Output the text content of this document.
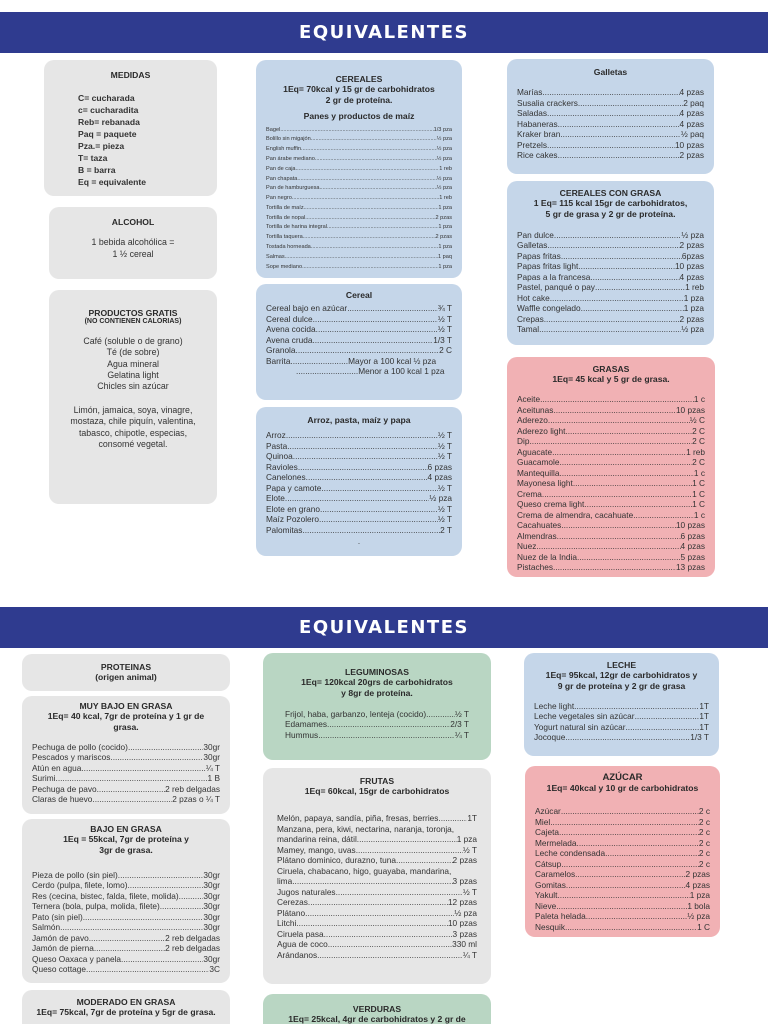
EQUIVALENTES
MEDIDAS
C= cucharada
c= cucharadita
Reb= rebanada
Paq = paquete
Pza.= pieza
T= taza
B = barra
Eq = equivalente
ALCOHOL
1 bebida alcohólica =
1 ½ cereal
PRODUCTOS GRATIS
(NO CONTIENEN CALORIAS)
Café (soluble o de grano)
Té (de sobre)
Agua mineral
Gelatina light
Chicles sin azúcar
Limón, jamaica, soya, vinagre,
mostaza, chile piquín, valentina,
tabasco, chipotle, especias,
consomé vegetal.
CEREALES
1Eq= 70kcal y 15 gr de carbohidratos
2 gr de proteína.
Panes y productos de maíz
Bagel .....	1/3 pza
Bolillo sin migajón .....	½ pza
English muffin .....	½ pza
Pan árabe mediano .....	½ pza
Pan de caja .....	1 reb
Pan chapata .....	½ pza
Pan de hamburguesa .....	½ pza
Pan negro .....	1 reb
Tortilla de maíz .....	1 pza
Tortilla de nopal .....	2 pzas
Tortilla de harina integral .....	1 pza
Tortilla taquera .....	2 pzas
Tostada horneada .....	1 pza
Salmas .....	1 paq
Sope mediano .....	1 pza
Cereal
Cereal bajo en azúcar .....	¾ T
Cereal dulce .....	½ T
Avena cocida .....	½ T
Avena cruda .....	1/3 T
Granola .....	2 C
Barrita.........................Mayor a 100 kcal ½ pza
...........................Menor a 100 kcal 1 pza
Arroz, pasta, maíz y papa
Arroz .....	½ T
Pasta .....	½ T
Quinoa .....	½ T
Ravioles .....	6 pzas
Canelones .....	4 pzas
Papa y camote .....	½ T
Elote .....	½ pza
Elote en grano .....	½ T
Maíz Pozolero .....	½ T
Palomitas .....	2 T
.
Galletas
Marías .....	4 pzas
Susalia crackers .....	2 paq
Saladas .....	4 pzas
Habaneras .....	4 pzas
Kraker bran .....	½ paq
Pretzels .....	10 pzas
Rice cakes .....	2 pzas
CEREALES CON GRASA
1 Eq= 115 kcal 15gr de carbohidratos,
5 gr de grasa y 2 gr de proteína.
Pan dulce .....	½ pza
Galletas .....	2 pzas
Papas fritas .....	6pzas
Papas fritas light .....	10 pzas
Papas a la francesa .....	4 pzas
Pastel, panqué o pay .....	1 reb
Hot cake .....	1 pza
Waffle congelado .....	1 pza
Crepas .....	2 pzas
Tamal .....	½ pza
GRASAS
1Eq= 45 kcal y 5 gr de grasa.
Aceite .....	1 c
Aceitunas .....	10 pzas
Aderezo .....	½ C
Aderezo light .....	2 C
Dip .....	2 C
Aguacate .....	1 reb
Guacamole .....	2 C
Mantequilla .....	1 c
Mayonesa light .....	1 C
Crema .....	1 C
Queso crema light .....	1 C
Crema de almendra, cacahuate .....	1 c
Cacahuates .....	10 pzas
Almendras .....	6 pzas
Nuez .....	4 pzas
Nuez de la India .....	5 pzas
Pistaches .....	13 pzas
EQUIVALENTES
PROTEINAS
(origen animal)
MUY BAJO EN GRASA
1Eq= 40 kcal, 7gr de proteína y 1 gr de
grasa.
Pechuga de pollo (cocido) .....	30gr
Pescados y mariscos .....	30gr
Atún en agua .....	¼ T
Surimi .....	1 B
Pechuga de pavo .....	2 reb delgadas
Claras de huevo .....	2 pzas o ¼ T
BAJO EN GRASA
1Eq = 55kcal, 7gr de proteína y
3gr de grasa.
Pieza de pollo (sin piel) .....	30gr
Cerdo (pulpa, filete, lomo) .....	30gr
Res (cecina, bistec, falda, filete, molida) .....	30gr
Ternera (bola, pulpa, molida, filete) .....	30gr
Pato (sin piel) .....	30gr
Salmón .....	30gr
Jamón de pavo .....	2 reb delgadas
Jamón de pierna .....	2 reb delgadas
Queso Oaxaca y panela .....	30gr
Queso cottage .....	3C
MODERADO EN GRASA
1Eq= 75kcal, 7gr de proteína y 5gr de grasa.
LEGUMINOSAS
1Eq= 120kcal 20grs de carbohidratos
y 8gr de proteína.
Frijol, haba, garbanzo, lenteja (cocido) .....	½ T
Edamames .....	2/3 T
Hummus .....	¼ T
FRUTAS
1Eq= 60kcal, 15gr de carbohidratos
Melón, papaya, sandía, piña, fresas, berries .....	1T
Manzana, pera, kiwi, nectarina, naranja, toronja,
mandarina reina, dátil .....	1 pza
Mamey, mango, uvas .....	½ T
Plátano dominico, durazno, tuna .....	2 pzas
Ciruela, chabacano, higo, guayaba, mandarina,
lima .....	3 pzas
Jugos naturales .....	½ T
Cerezas .....	12 pzas
Plátano .....	½ pza
Litchi .....	10 pzas
Ciruela pasa .....	3 pzas
Agua de coco .....	330 ml
Arándanos .....	¼ T
VERDURAS
1Eq= 25kcal, 4gr de carbohidratos y 2 gr de
LECHE
1Eq= 95kcal, 12gr de carbohidratos y
9 gr de proteína y 2 gr de grasa
Leche light .....	1T
Leche vegetales sin azúcar .....	1T
Yogurt natural sin azúcar .....	1T
Jocoque .....	1/3 T
AZÚCAR
1Eq= 40kcal y 10 gr de carbohidratos
Azúcar .....	2 c
Miel .....	2 c
Cajeta .....	2 c
Mermelada .....	2 c
Leche condensada .....	2 c
Cátsup .....	2 c
Caramelos .....	2 pzas
Gomitas .....	4 pzas
Yakult .....	1 pza
Nieve .....	1 bola
Paleta helada .....	½ pza
Nesquik .....	1 C
